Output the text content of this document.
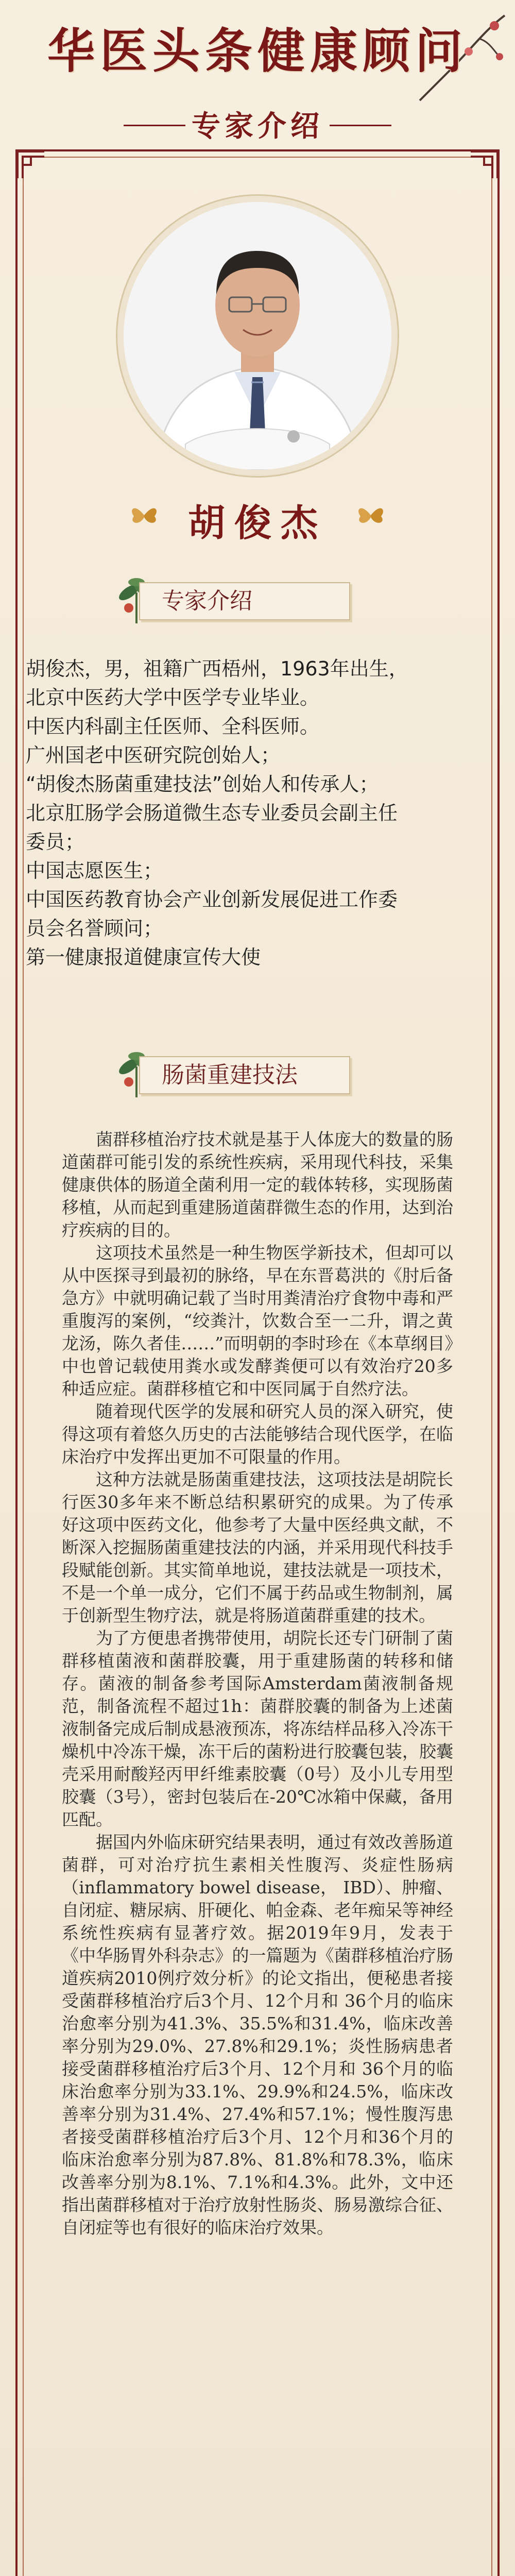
华医头条健康顾问
专家介绍
胡俊杰
专家介绍

胡俊杰，男，祖籍广西梧州，1963年出生，

北京中医药大学中医学专业毕业。

中医内科副主任医师、全科医师。

广州国老中医研究院创始人；

“胡俊杰肠菌重建技法”创始人和传承人；

北京肛肠学会肠道微生态专业委员会副主任

委员；

中国志愿医生；

中国医药教育协会产业创新发展促进工作委

员会名誉顾问；

第一健康报道健康宣传大使

肠菌重建技法

菌群移植治疗技术就是基于人体庞大的数量的肠道菌群可能引发的系统性疾病，采用现代科技，采集健康供体的肠道全菌利用一定的载体转移，实现肠菌移植，从而起到重建肠道菌群微生态的作用，达到治疗疾病的目的。

这项技术虽然是一种生物医学新技术，但却可以从中医探寻到最初的脉络，早在东晋葛洪的《肘后备急方》中就明确记载了当时用粪清治疗食物中毒和严重腹泻的案例，“绞粪汁，饮数合至一二升，谓之黄龙汤，陈久者佳……”而明朝的李时珍在《本草纲目》中也曾记载使用粪水或发酵粪便可以有效治疗20多种适应症。菌群移植它和中医同属于自然疗法。

随着现代医学的发展和研究人员的深入研究，使得这项有着悠久历史的古法能够结合现代医学，在临床治疗中发挥出更加不可限量的作用。

这种方法就是肠菌重建技法，这项技法是胡院长行医30多年来不断总结积累研究的成果。为了传承好这项中医药文化，他参考了大量中医经典文献，不断深入挖掘肠菌重建技法的内涵，并采用现代科技手段赋能创新。其实简单地说，建技法就是一项技术，不是一个单一成分，它们不属于药品或生物制剂，属于创新型生物疗法，就是将肠道菌群重建的技术。

为了方便患者携带使用，胡院长还专门研制了菌群移植菌液和菌群胶囊，用于重建肠菌的转移和储存。菌液的制备参考国际Amsterdam菌液制备规范，制备流程不超过1h：菌群胶囊的制备为上述菌液制备完成后制成悬液预冻，将冻结样品移入冷冻干燥机中冷冻干燥，冻干后的菌粉进行胶囊包装，胶囊壳采用耐酸羟丙甲纤维素胶囊（0号）及小儿专用型胶囊（3号），密封包装后在-20℃冰箱中保藏，备用匹配。

据国内外临床研究结果表明，通过有效改善肠道菌群，可对治疗抗生素相关性腹泻、炎症性肠病（inflammatory bowel disease， IBD）、肿瘤、自闭症、糖尿病、肝硬化、帕金森、老年痴呆等神经系统性疾病有显著疗效。据2019年9月，发表于《中华肠胃外科杂志》的一篇题为《菌群移植治疗肠道疾病2010例疗效分析》的论文指出，便秘患者接受菌群移植治疗后3个月、12个月和 36个月的临床治愈率分别为41.3%、35.5%和31.4%，临床改善率分别为29.0%、27.8%和29.1%；炎性肠病患者接受菌群移植治疗后3个月、12个月和 36个月的临床治愈率分别为33.1%、29.9%和24.5%，临床改善率分别为31.4%、27.4%和57.1%；慢性腹泻患者接受菌群移植治疗后3个月、12个月和36个月的临床治愈率分别为87.8%、81.8%和78.3%，临床改善率分别为8.1%、7.1%和4.3%。此外，文中还指出菌群移植对于治疗放射性肠炎、肠易激综合征、自闭症等也有很好的临床治疗效果。
